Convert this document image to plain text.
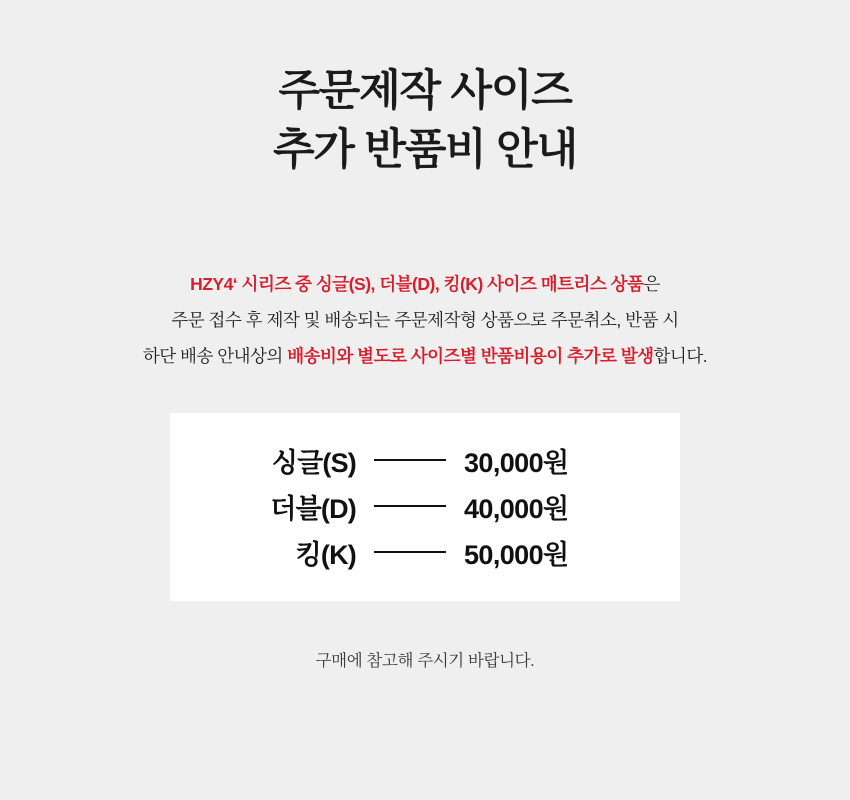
주문제작 사이즈
추가 반품비 안내
HZY4‘ 시리즈 중 싱글(S), 더블(D), 킹(K) 사이즈 매트리스 상품은
주문 접수 후 제작 및 배송되는 주문제작형 상품으로 주문취소, 반품 시
하단 배송 안내상의 배송비와 별도로 사이즈별 반품비용이 추가로 발생합니다.
싱글(S)	30,000원
더블(D)	40,000원
킹(K)	50,000원
구매에 참고해 주시기 바랍니다.
